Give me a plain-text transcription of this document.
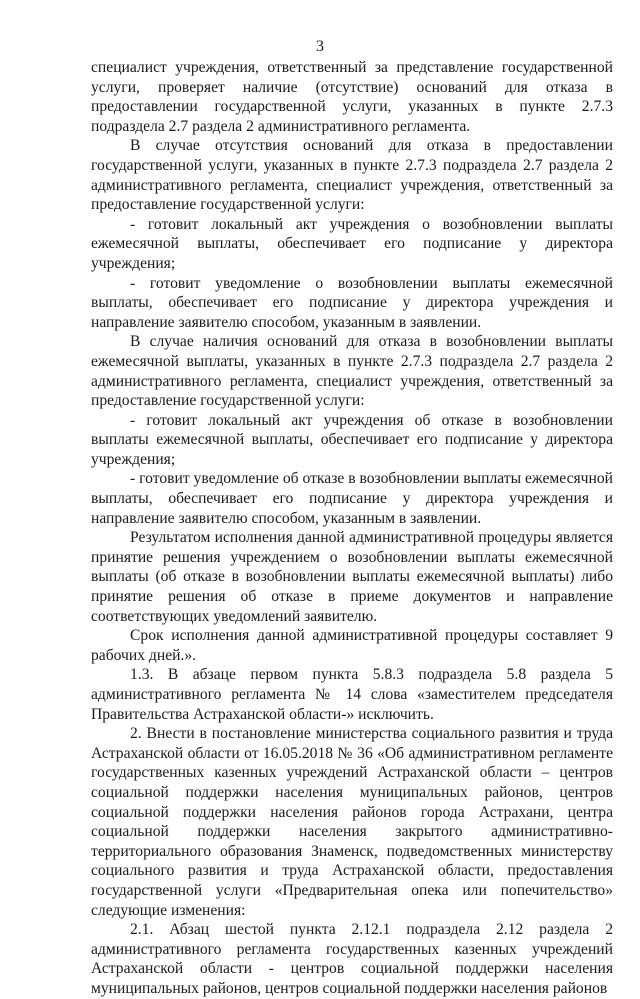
3

специалист учреждения, ответственный за представление государственной услуги, проверяет наличие (отсутствие) оснований для отказа в предоставлении государственной услуги, указанных в пункте 2.7.3 подраздела 2.7 раздела 2 административного регламента.

В случае отсутствия оснований для отказа в предоставлении государственной услуги, указанных в пункте 2.7.3 подраздела 2.7 раздела 2 административного регламента, специалист учреждения, ответственный за предоставление государственной услуги:

- готовит локальный акт учреждения о возобновлении выплаты ежемесячной выплаты, обеспечивает его подписание у директора учреждения;

- готовит уведомление о возобновлении выплаты ежемесячной выплаты, обеспечивает его подписание у директора учреждения и направление заявителю способом, указанным в заявлении.

В случае наличия оснований для отказа в возобновлении выплаты ежемесячной выплаты, указанных в пункте 2.7.3 подраздела 2.7 раздела 2 административного регламента, специалист учреждения, ответственный за предоставление государственной услуги:

- готовит локальный акт учреждения об отказе в возобновлении выплаты ежемесячной выплаты, обеспечивает его подписание у директора учреждения;

- готовит уведомление об отказе в возобновлении выплаты ежемесячной выплаты, обеспечивает его подписание у директора учреждения и направление заявителю способом, указанным в заявлении.

Результатом исполнения данной административной процедуры является принятие решения учреждением о возобновлении выплаты ежемесячной выплаты (об отказе в возобновлении выплаты ежемесячной выплаты) либо принятие решения об отказе в приеме документов и направление соответствующих уведомлений заявителю.

Срок исполнения данной административной процедуры составляет 9 рабочих дней.».

1.3. В абзаце первом пункта 5.8.3 подраздела 5.8 раздела 5 административного регламента № 14 слова «заместителем председателя Правительства Астраханской области-» исключить.

2. Внести в постановление министерства социального развития и труда Астраханской области от 16.05.2018 № 36 «Об административном регламенте государственных казенных учреждений Астраханской области – центров социальной поддержки населения муниципальных районов, центров социальной поддержки населения районов города Астрахани, центра социальной поддержки населения закрытого административно-территориального образования Знаменск, подведомственных министерству социального развития и труда Астраханской области, предоставления государственной услуги «Предварительная опека или попечительство» следующие изменения:

2.1. Абзац шестой пункта 2.12.1 подраздела 2.12 раздела 2 административного регламента государственных казенных учреждений Астраханской области - центров социальной поддержки населения муниципальных районов, центров социальной поддержки населения районов
